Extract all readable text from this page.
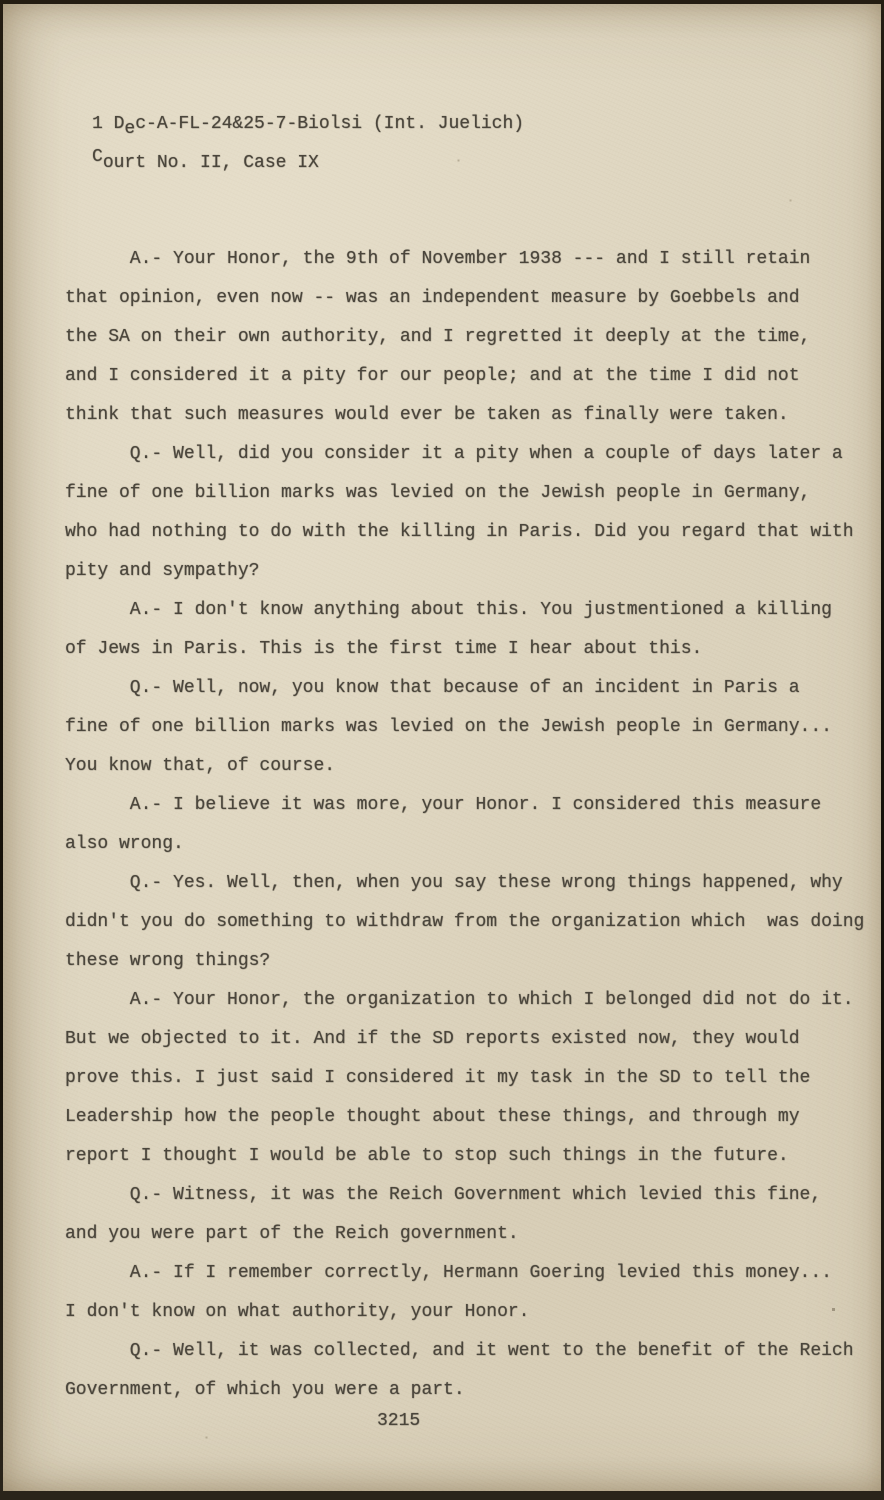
1 Dec-A-FL-24&25-7-Biolsi (Int. Juelich)
Court No. II, Case IX
A.- Your Honor, the 9th of November 1938 --- and I still retain
that opinion, even now -- was an independent measure by Goebbels and
the SA on their own authority, and I regretted it deeply at the time,
and I considered it a pity for our people; and at the time I did not
think that such measures would ever be taken as finally were taken.
Q.- Well, did you consider it a pity when a couple of days later a
fine of one billion marks was levied on the Jewish people in Germany,
who had nothing to do with the killing in Paris. Did you regard that with
pity and sympathy?
A.- I don't know anything about this. You justmentioned a killing
of Jews in Paris. This is the first time I hear about this.
Q.- Well, now, you know that because of an incident in Paris a
fine of one billion marks was levied on the Jewish people in Germany...
You know that, of course.
A.- I believe it was more, your Honor. I considered this measure
also wrong.
Q.- Yes. Well, then, when you say these wrong things happened, why
didn't you do something to withdraw from the organization which  was doing
these wrong things?
A.- Your Honor, the organization to which I belonged did not do it.
But we objected to it. And if the SD reports existed now, they would
prove this. I just said I considered it my task in the SD to tell the
Leadership how the people thought about these things, and through my
report I thought I would be able to stop such things in the future.
Q.- Witness, it was the Reich Government which levied this fine,
and you were part of the Reich government.
A.- If I remember correctly, Hermann Goering levied this money...
I don't know on what authority, your Honor.
Q.- Well, it was collected, and it went to the benefit of the Reich
Government, of which you were a part.
3215
